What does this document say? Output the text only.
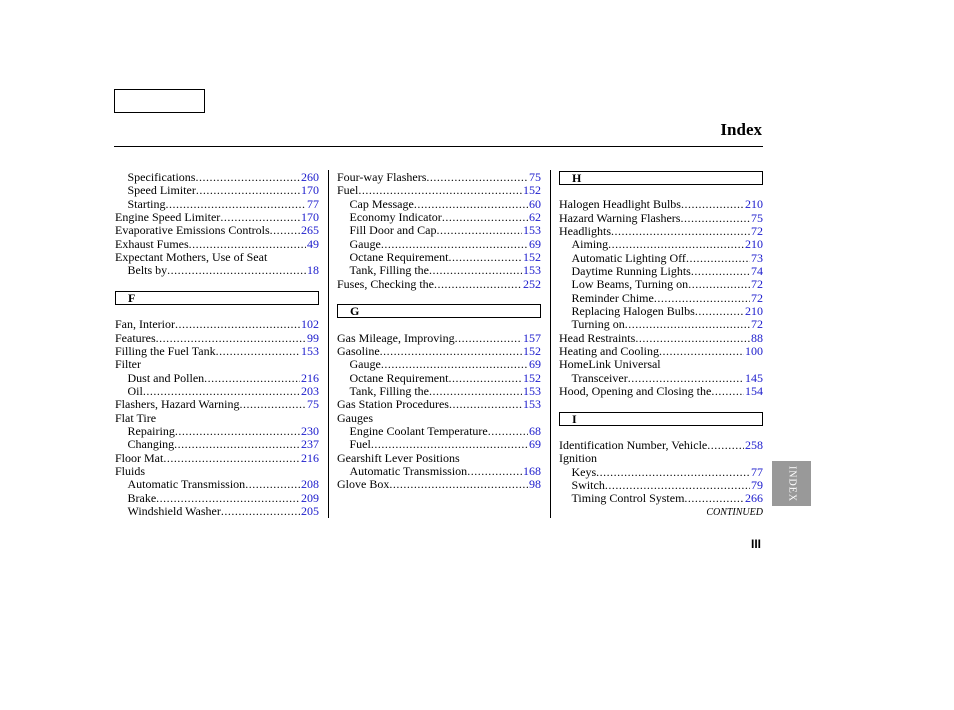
Index
Specifications .....	260
Speed Limiter .....	170
Starting .....	77
Engine Speed Limiter .....	170
Evaporative Emissions Controls .....	265
Exhaust Fumes .....	49
Expectant Mothers, Use of Seat
Belts by .....	18
F
Fan, Interior .....	102
Features .....	99
Filling the Fuel Tank .....	153
Filter
Dust and Pollen .....	216
Oil .....	203
Flashers, Hazard Warning .....	75
Flat Tire
Repairing .....	230
Changing .....	237
Floor Mat .....	216
Fluids
Automatic Transmission .....	208
Brake .....	209
Windshield Washer .....	205
Four-way Flashers .....	75
Fuel .....	152
Cap Message .....	60
Economy Indicator .....	62
Fill Door and Cap .....	153
Gauge .....	69
Octane Requirement .....	152
Tank, Filling the .....	153
Fuses, Checking the .....	252
G
Gas Mileage, Improving .....	157
Gasoline .....	152
Gauge .....	69
Octane Requirement .....	152
Tank, Filling the .....	153
Gas Station Procedures .....	153
Gauges
Engine Coolant Temperature .....	68
Fuel .....	69
Gearshift Lever Positions
Automatic Transmission .....	168
Glove Box .....	98
H
Halogen Headlight Bulbs .....	210
Hazard Warning Flashers .....	75
Headlights .....	72
Aiming .....	210
Automatic Lighting Off .....	73
Daytime Running Lights .....	74
Low Beams, Turning on .....	72
Reminder Chime .....	72
Replacing Halogen Bulbs .....	210
Turning on .....	72
Head Restraints .....	88
Heating and Cooling .....	100
HomeLink Universal
Transceiver .....	145
Hood, Opening and Closing the .....	154
I
Identification Number, Vehicle .....	258
Ignition
Keys .....	77
Switch .....	79
Timing Control System .....	266
CONTINUED
INDEX
III
